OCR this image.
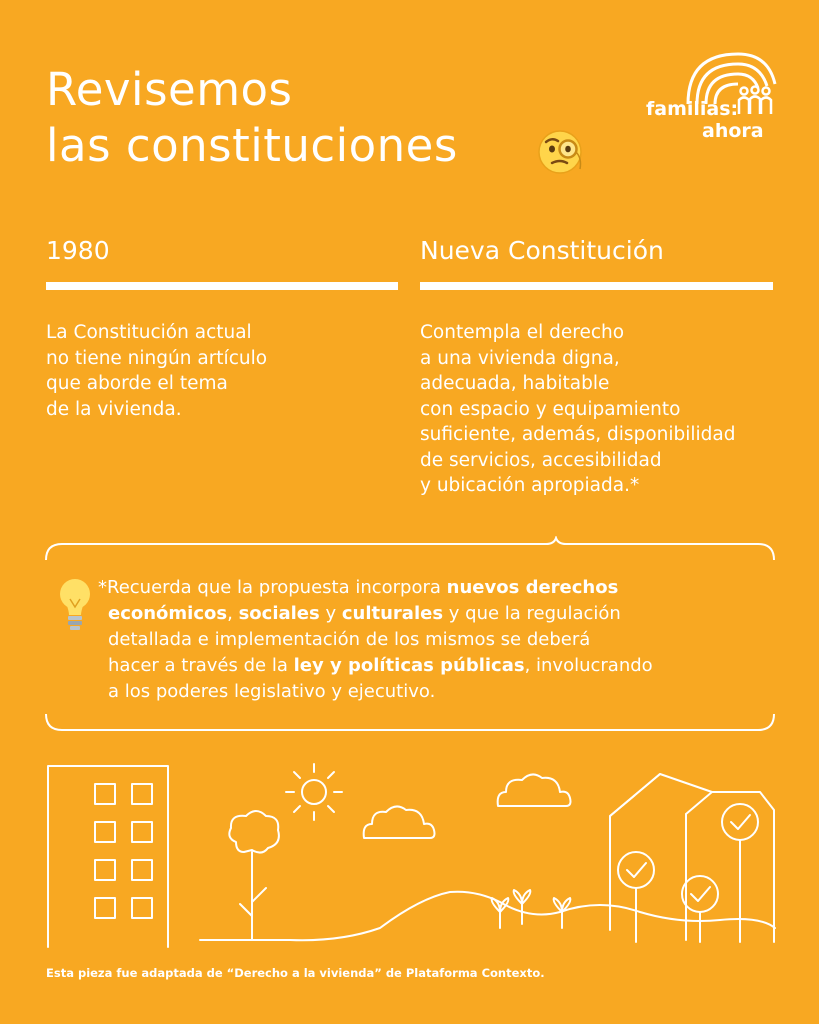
Revisemos
las constituciones
familias:
ahora
1980
La Constitución actual
no tiene ningún artículo
que aborde el tema
de la vivienda.
Nueva Constitución
Contempla el derecho
a una vivienda digna,
adecuada, habitable
con espacio y equipamiento
suficiente, además, disponibilidad
de servicios, accesibilidad
y ubicación apropiada.*
*Recuerda que la propuesta incorpora nuevos derechos
económicos, sociales y culturales y que la regulación
detallada e implementación de los mismos se deberá
hacer a través de la ley y políticas públicas, involucrando
a los poderes legislativo y ejecutivo.
Esta pieza fue adaptada de “Derecho a la vivienda” de Plataforma Contexto.
